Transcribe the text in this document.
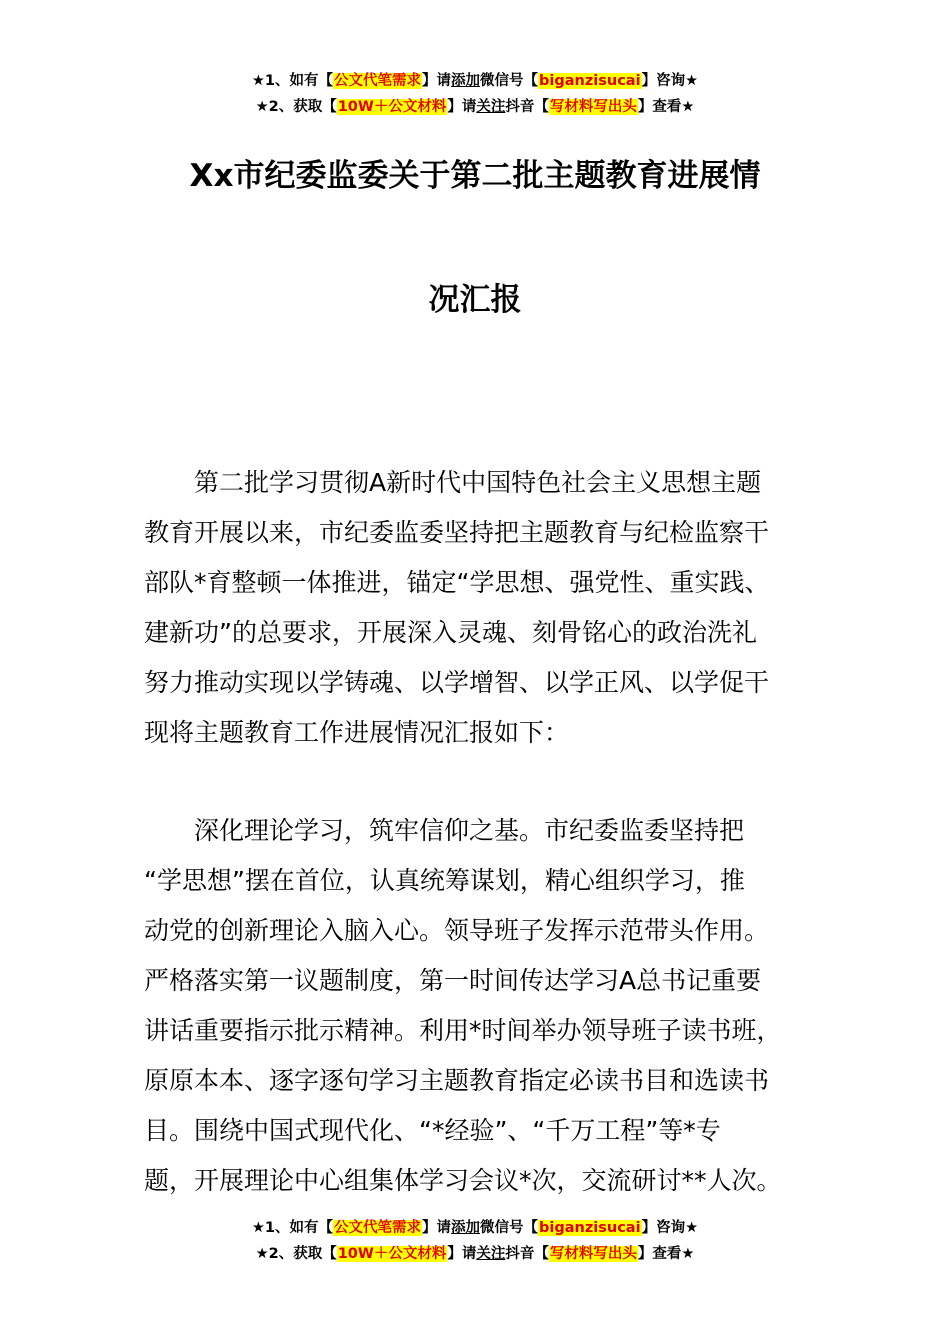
★1、如有【公文代笔需求】请添加微信号【biganzisucai】咨询★
★2、获取【10W＋公文材料】请关注抖音【写材料写出头】查看★
Xx市纪委监委关于第二批主题教育进展情
况汇报
　　第二批学习贯彻A新时代中国特色社会主义思想主题
教育开展以来，市纪委监委坚持把主题教育与纪检监察干
部队*育整顿一体推进，锚定“学思想、强党性、重实践、
建新功”的总要求，开展深入灵魂、刻骨铭心的政治洗礼
努力推动实现以学铸魂、以学增智、以学正风、以学促干
现将主题教育工作进展情况汇报如下：
　　深化理论学习，筑牢信仰之基。市纪委监委坚持把
“学思想”摆在首位，认真统筹谋划，精心组织学习，推
动党的创新理论入脑入心。领导班子发挥示范带头作用。
严格落实第一议题制度，第一时间传达学习A总书记重要
讲话重要指示批示精神。利用*时间举办领导班子读书班，
原原本本、逐字逐句学习主题教育指定必读书目和选读书
目。围绕中国式现代化、“*经验”、“千万工程”等*专
题，开展理论中心组集体学习会议*次，交流研讨**人次。
★1、如有【公文代笔需求】请添加微信号【biganzisucai】咨询★
★2、获取【10W＋公文材料】请关注抖音【写材料写出头】查看★
